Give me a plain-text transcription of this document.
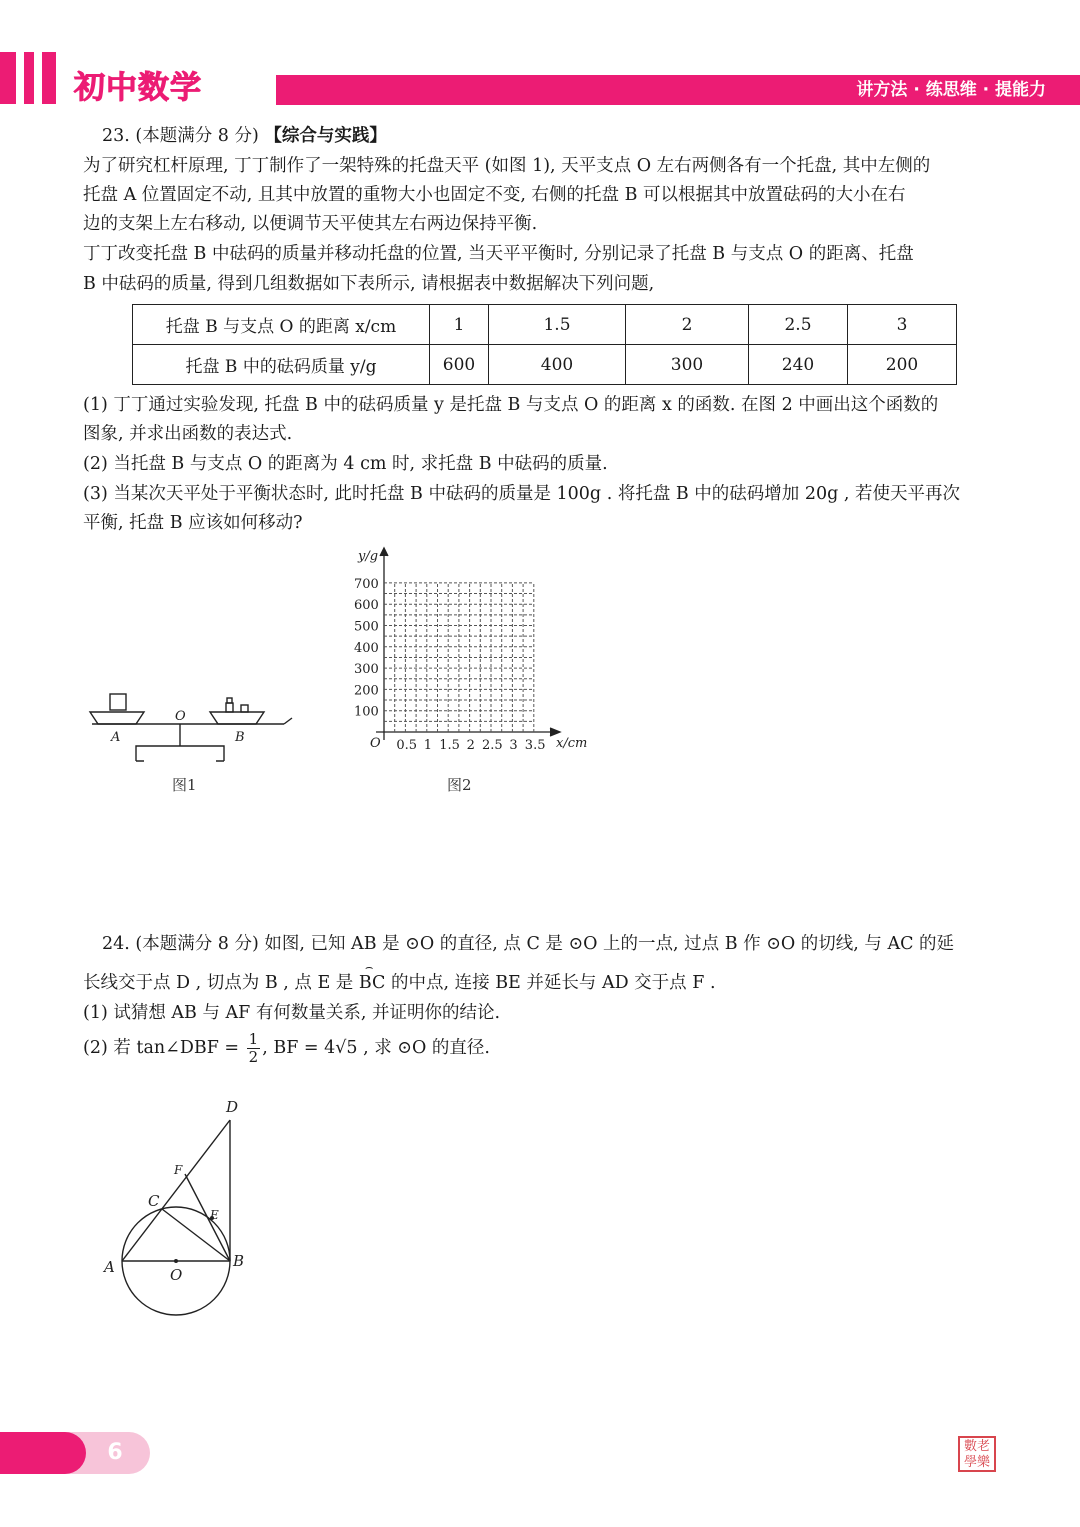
初中数学	讲方法 · 练思维 · 提能力
23. (本题满分 8 分) 【综合与实践】
为了研究杠杆原理, 丁丁制作了一架特殊的托盘天平 (如图 1), 天平支点 O 左右两侧各有一个托盘, 其中左侧的
托盘 A 位置固定不动, 且其中放置的重物大小也固定不变, 右侧的托盘 B 可以根据其中放置砝码的大小在右
边的支架上左右移动, 以便调节天平使其左右两边保持平衡.
丁丁改变托盘 B 中砝码的质量并移动托盘的位置, 当天平平衡时, 分别记录了托盘 B 与支点 O 的距离、托盘
B 中砝码的质量, 得到几组数据如下表所示, 请根据表中数据解决下列问题,
托盘 B 与支点 O 的距离 x/cm	1	1.5	2	2.5	3
托盘 B 中的砝码质量 y/g	600	400	300	240	200
(1) 丁丁通过实验发现, 托盘 B 中的砝码质量 y 是托盘 B 与支点 O 的距离 x 的函数. 在图 2 中画出这个函数的
图象, 并求出函数的表达式.
(2) 当托盘 B 与支点 O 的距离为 4 cm 时, 求托盘 B 中砝码的质量.
(3) 当某次天平处于平衡状态时, 此时托盘 B 中砝码的质量是 100g . 将托盘 B 中的砝码增加 20g , 若使天平再次
平衡, 托盘 B 应该如何移动?
A
O
B
图1
100
200
300
400
500
600
700
0.5 1 1.5 2 2.5 3 3.5
y/g
x/cm
O
图2
24. (本题满分 8 分) 如图, 已知 AB 是 ⊙O 的直径, 点 C 是 ⊙O 上的一点, 过点 B 作 ⊙O 的切线, 与 AC 的延
长线交于点 D , 切点为 B , 点 E 是 ⌢ BC 的中点, 连接 BE 并延长与 AD 交于点 F .
(1) 试猜想 AB 与 AF 有何数量关系, 并证明你的结论.
(2) 若 tan∠DBF = $\frac{1}{2}$ , BF = 4√5 , 求 ⊙O 的直径.
D
F
C
E
A	O
B
6	數老學樂
